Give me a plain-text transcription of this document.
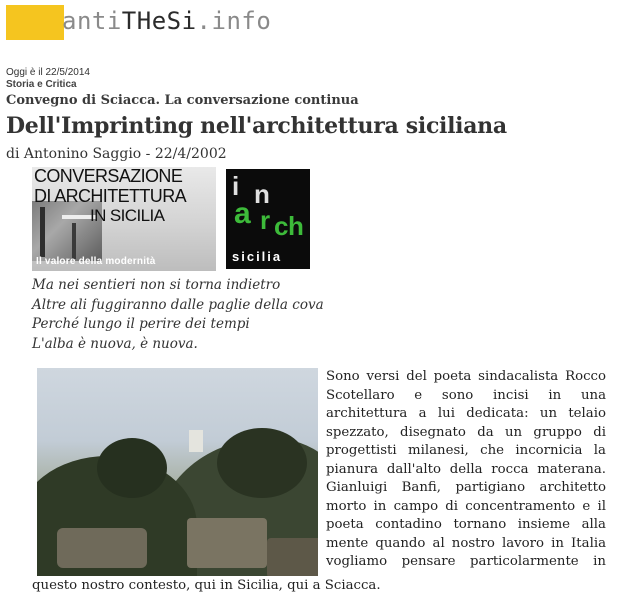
antiTHeSi.info
Oggi è il 22/5/2014
Storia e Critica
Convegno di Sciacca. La conversazione continua
Dell'Imprinting nell'architettura siciliana
di Antonino Saggio - 22/4/2002
CONVERSAZIONE
DI ARCHITETTURA
IN SICILIA
Il valore della modernità
i n
a r c h
sicilia
Ma nei sentieri non si torna indietro
Altre ali fuggiranno dalle paglie della cova
Perché lungo il perire dei tempi
L'alba è nuova, è nuova.
Sono versi del poeta sindacalista Rocco
Scotellaro e sono incisi in una
architettura a lui dedicata: un telaio
spezzato, disegnato da un gruppo di
progettisti milanesi, che incornicia la
pianura dall'alto della rocca materana.
Gianluigi Banfi, partigiano architetto
morto in campo di concentramento e il
poeta contadino tornano insieme alla
mente quando al nostro lavoro in Italia
vogliamo pensare particolarmente in
questo nostro contesto, qui in Sicilia, qui a Sciacca.
